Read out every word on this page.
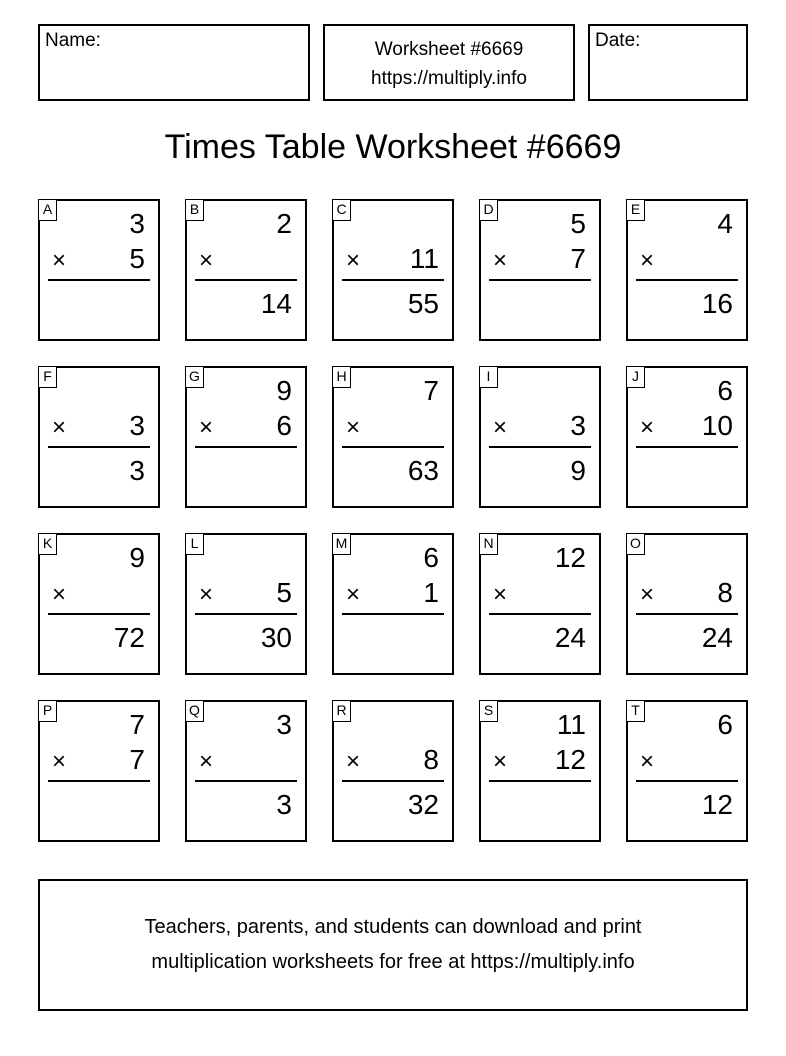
Name:	Worksheet #6669
https://multiply.info
Date:
Times Table Worksheet #6669
A	3
× 5
B	2
×
14
C
× 11
55
D	5
× 7
E	4
×
16
F
× 3
3
G	9
× 6
H	7
×
63
I
× 3
9
J	6
× 10
K	9
×
72
L
× 5
30
M	6
× 1
N 12
×
24
O
× 8
24
P	7
× 7
Q	3
×
3
R
× 8
32
S 11
× 12
T	6
×
12
Teachers, parents, and students can download and print multiplication worksheets for free at https://multiply.info
